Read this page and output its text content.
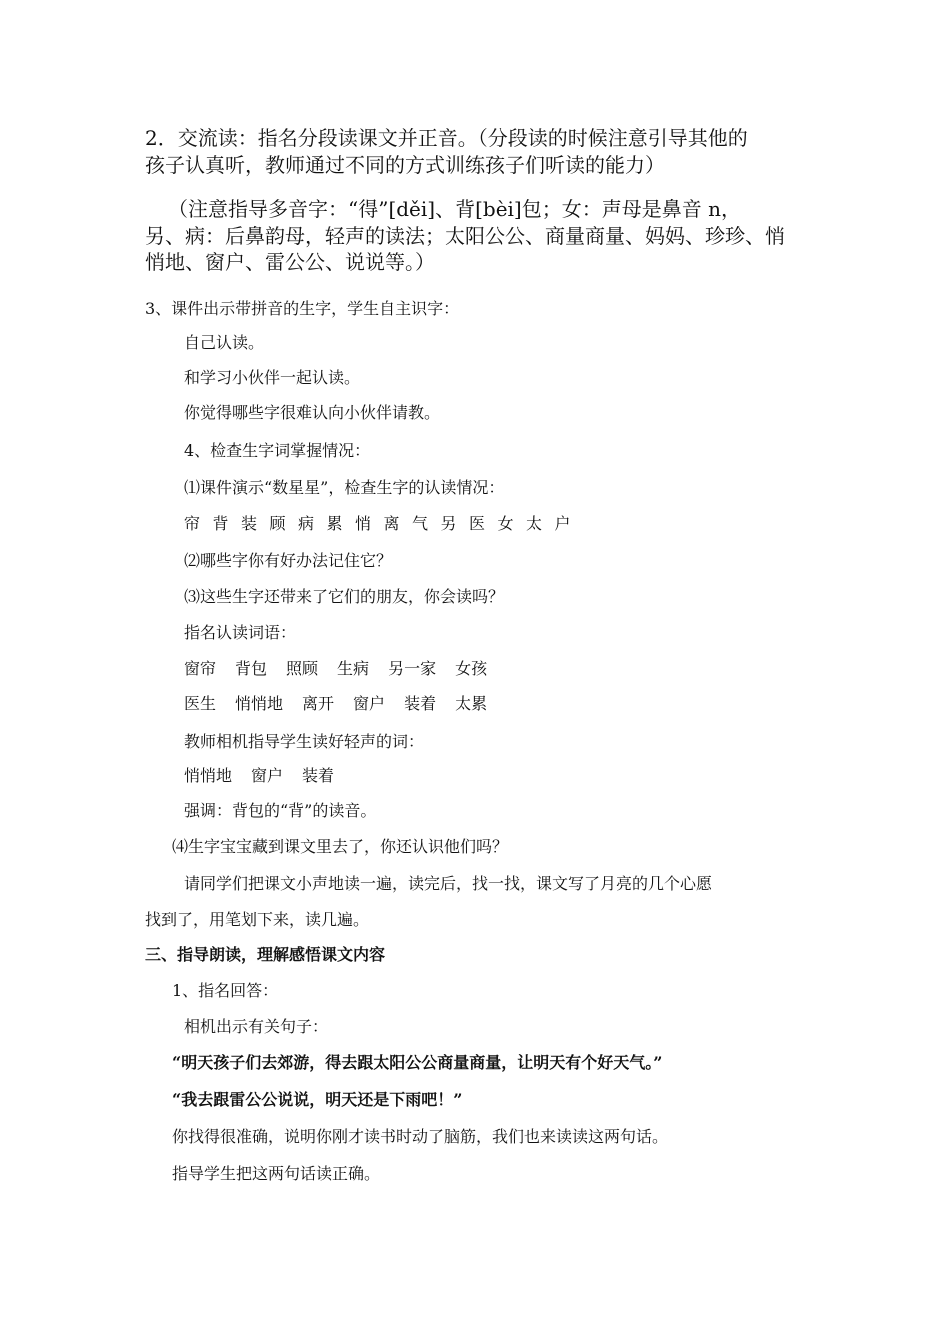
2．交流读：指名分段读课文并正音。（分段读的时候注意引导其他的

孩子认真听，教师通过不同的方式训练孩子们听读的能力）

（注意指导多音字：“得”[děi]、背[bèi]包；女：声母是鼻音 n，

另、病：后鼻韵母，轻声的读法；太阳公公、商量商量、妈妈、珍珍、悄

悄地、窗户、雷公公、说说等。）

3、课件出示带拼音的生字，学生自主识字：

自己认读。

和学习小伙伴一起认读。

你觉得哪些字很难认向小伙伴请教。

4、检查生字词掌握情况：

⑴课件演示“数星星”，检查生字的认读情况：

帘 背 装 顾 病 累 悄 离 气 另 医 女 太 户

⑵哪些字你有好办法记住它？

⑶这些生字还带来了它们的朋友，你会读吗？

指名认读词语：

窗帘 背包 照顾 生病 另一家 女孩

医生 悄悄地 离开 窗户 装着 太累

教师相机指导学生读好轻声的词：

悄悄地 窗户 装着

强调：背包的“背”的读音。

⑷生字宝宝藏到课文里去了，你还认识他们吗？

请同学们把课文小声地读一遍，读完后，找一找，课文写了月亮的几个心愿

找到了，用笔划下来，读几遍。

三、指导朗读，理解感悟课文内容

1、指名回答：

相机出示有关句子：

“明天孩子们去郊游，得去跟太阳公公商量商量，让明天有个好天气。”

“我去跟雷公公说说，明天还是下雨吧！”

你找得很准确，说明你刚才读书时动了脑筋，我们也来读读这两句话。

指导学生把这两句话读正确。
